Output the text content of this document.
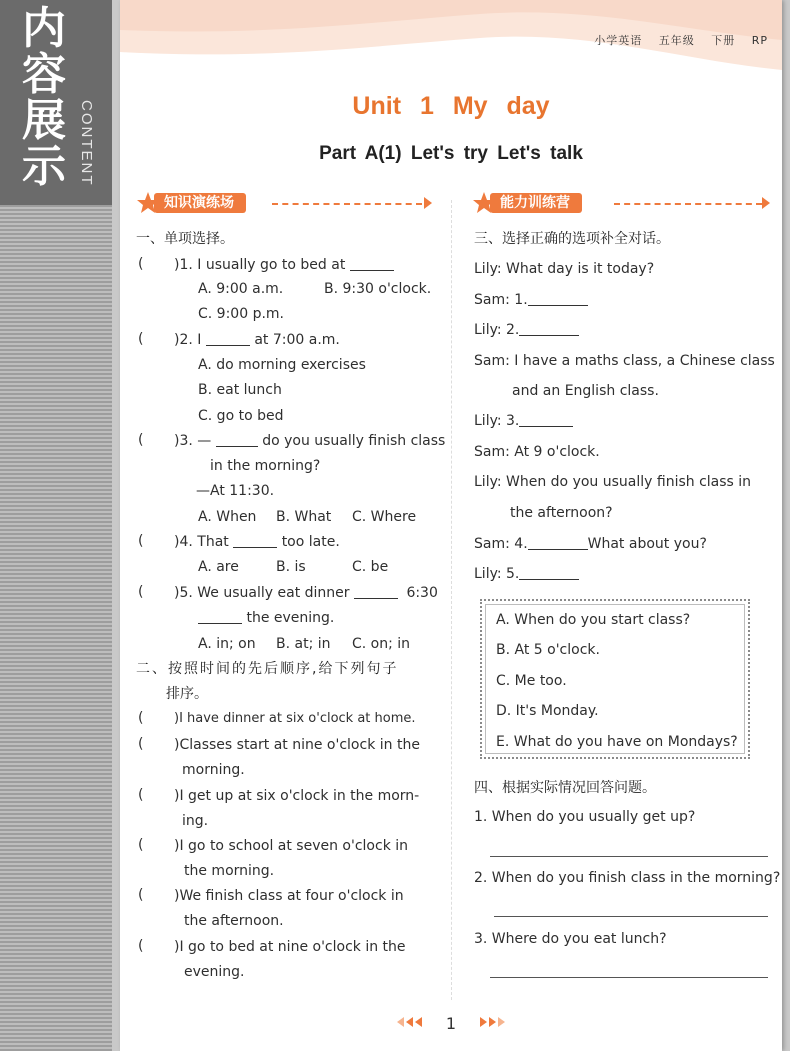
内
容
展
示 CONTENT
小学英语 五年级 下册 RP
Unit 1 My day
Part A(1) Let's try Let's talk
知识演练场
一、单项选择。
( )1. I usually go to bed at
A. 9:00 a.m.	B. 9:30 o'clock.
C. 9:00 p.m.
( )2. I	at 7:00 a.m.
A. do morning exercises
B. eat lunch
C. go to bed
( )3. —	do you usually finish class
in the morning?
—At 11:30.
A. When B. What C. Where
( )4. That	too late.
A. are	B. is	C. be
( )5. We usually eat dinner	6:30
the evening.
A. in; on B. at; in C. on; in
二、按照时间的先后顺序,给下列句子
排序。
( )I have dinner at six o'clock at home.
( )Classes start at nine o'clock in the
morning.
( )I get up at six o'clock in the morn-
ing.
( )I go to school at seven o'clock in
the morning.
( )We finish class at four o'clock in
the afternoon.
( )I go to bed at nine o'clock in the
evening.
能力训练营
三、选择正确的选项补全对话。
Lily: What day is it today?
Sam: 1.
Lily: 2.
Sam: I have a maths class, a Chinese class
and an English class.
Lily: 3.
Sam: At 9 o'clock.
Lily: When do you usually finish class in
the afternoon?
Sam: 4.	What about you?
Lily: 5.
A. When do you start class?
B. At 5 o'clock.
C. Me too.
D. It's Monday.
E. What do you have on Mondays?
四、根据实际情况回答问题。
1. When do you usually get up?
2. When do you finish class in the morning?
3. Where do you eat lunch?
1
